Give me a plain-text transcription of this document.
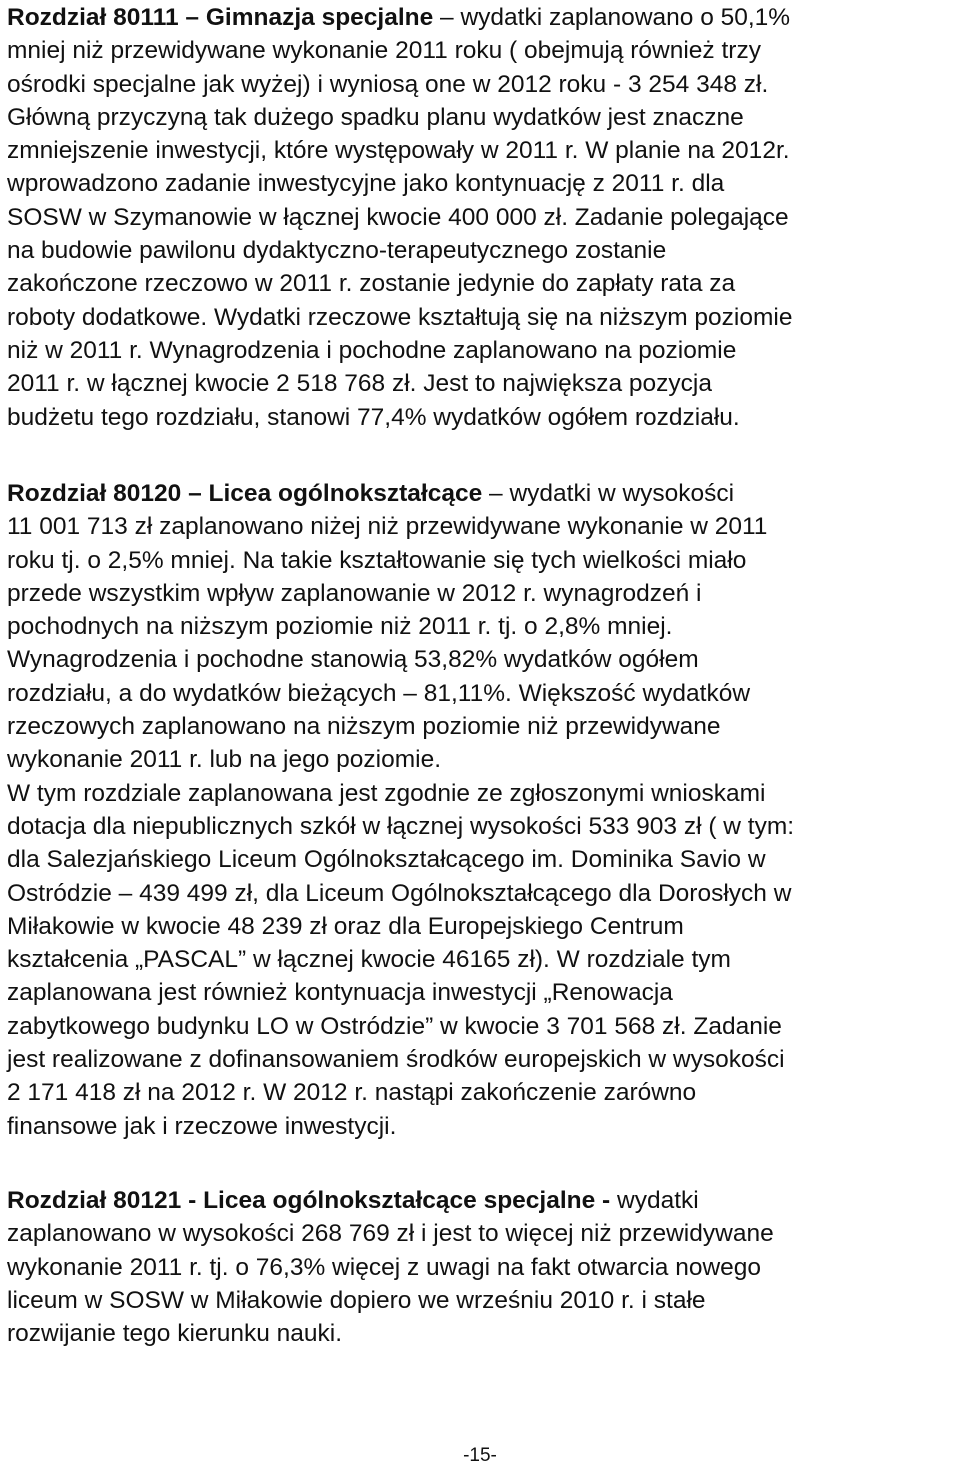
Rozdział 80111 – Gimnazja specjalne – wydatki zaplanowano o 50,1%

mniej niż przewidywane wykonanie 2011 roku ( obejmują również trzy

ośrodki specjalne jak wyżej) i wyniosą one w 2012 roku - 3 254 348 zł.

Główną przyczyną tak dużego spadku planu wydatków jest znaczne

zmniejszenie inwestycji, które występowały w 2011 r. W planie na 2012r.

wprowadzono zadanie inwestycyjne jako kontynuację z 2011 r. dla

SOSW w Szymanowie w łącznej kwocie 400 000 zł. Zadanie polegające

na budowie pawilonu dydaktyczno-terapeutycznego zostanie

zakończone rzeczowo w 2011 r. zostanie jedynie do zapłaty rata za

roboty dodatkowe. Wydatki rzeczowe kształtują się na niższym poziomie

niż w 2011 r. Wynagrodzenia i pochodne zaplanowano na poziomie

2011 r. w łącznej kwocie 2 518 768 zł. Jest to największa pozycja

budżetu tego rozdziału, stanowi 77,4% wydatków ogółem rozdziału.

Rozdział 80120 – Licea ogólnokształcące – wydatki w wysokości

11 001 713 zł zaplanowano niżej niż przewidywane wykonanie w 2011

roku tj. o 2,5% mniej. Na takie kształtowanie się tych wielkości miało

przede wszystkim wpływ zaplanowanie w 2012 r. wynagrodzeń i

pochodnych na niższym poziomie niż 2011 r. tj. o 2,8% mniej.

Wynagrodzenia i pochodne stanowią 53,82% wydatków ogółem

rozdziału, a do wydatków bieżących – 81,11%. Większość wydatków

rzeczowych zaplanowano na niższym poziomie niż przewidywane

wykonanie 2011 r. lub na jego poziomie.

W tym rozdziale zaplanowana jest zgodnie ze zgłoszonymi wnioskami

dotacja dla niepublicznych szkół w łącznej wysokości 533 903 zł ( w tym:

dla Salezjańskiego Liceum Ogólnokształcącego im. Dominika Savio w

Ostródzie – 439 499 zł, dla Liceum Ogólnokształcącego dla Dorosłych w

Miłakowie w kwocie 48 239 zł oraz dla Europejskiego Centrum

kształcenia „PASCAL” w łącznej kwocie 46165 zł). W rozdziale tym

zaplanowana jest również kontynuacja inwestycji „Renowacja

zabytkowego budynku LO w Ostródzie” w kwocie 3 701 568 zł. Zadanie

jest realizowane z dofinansowaniem środków europejskich w wysokości

2 171 418 zł na 2012 r. W 2012 r. nastąpi zakończenie zarówno

finansowe jak i rzeczowe inwestycji.

Rozdział 80121 - Licea ogólnokształcące specjalne - wydatki

zaplanowano w wysokości 268 769 zł i jest to więcej niż przewidywane

wykonanie 2011 r. tj. o 76,3% więcej z uwagi na fakt otwarcia nowego

liceum w SOSW w Miłakowie dopiero we wrześniu 2010 r. i stałe

rozwijanie tego kierunku nauki.

-15-
